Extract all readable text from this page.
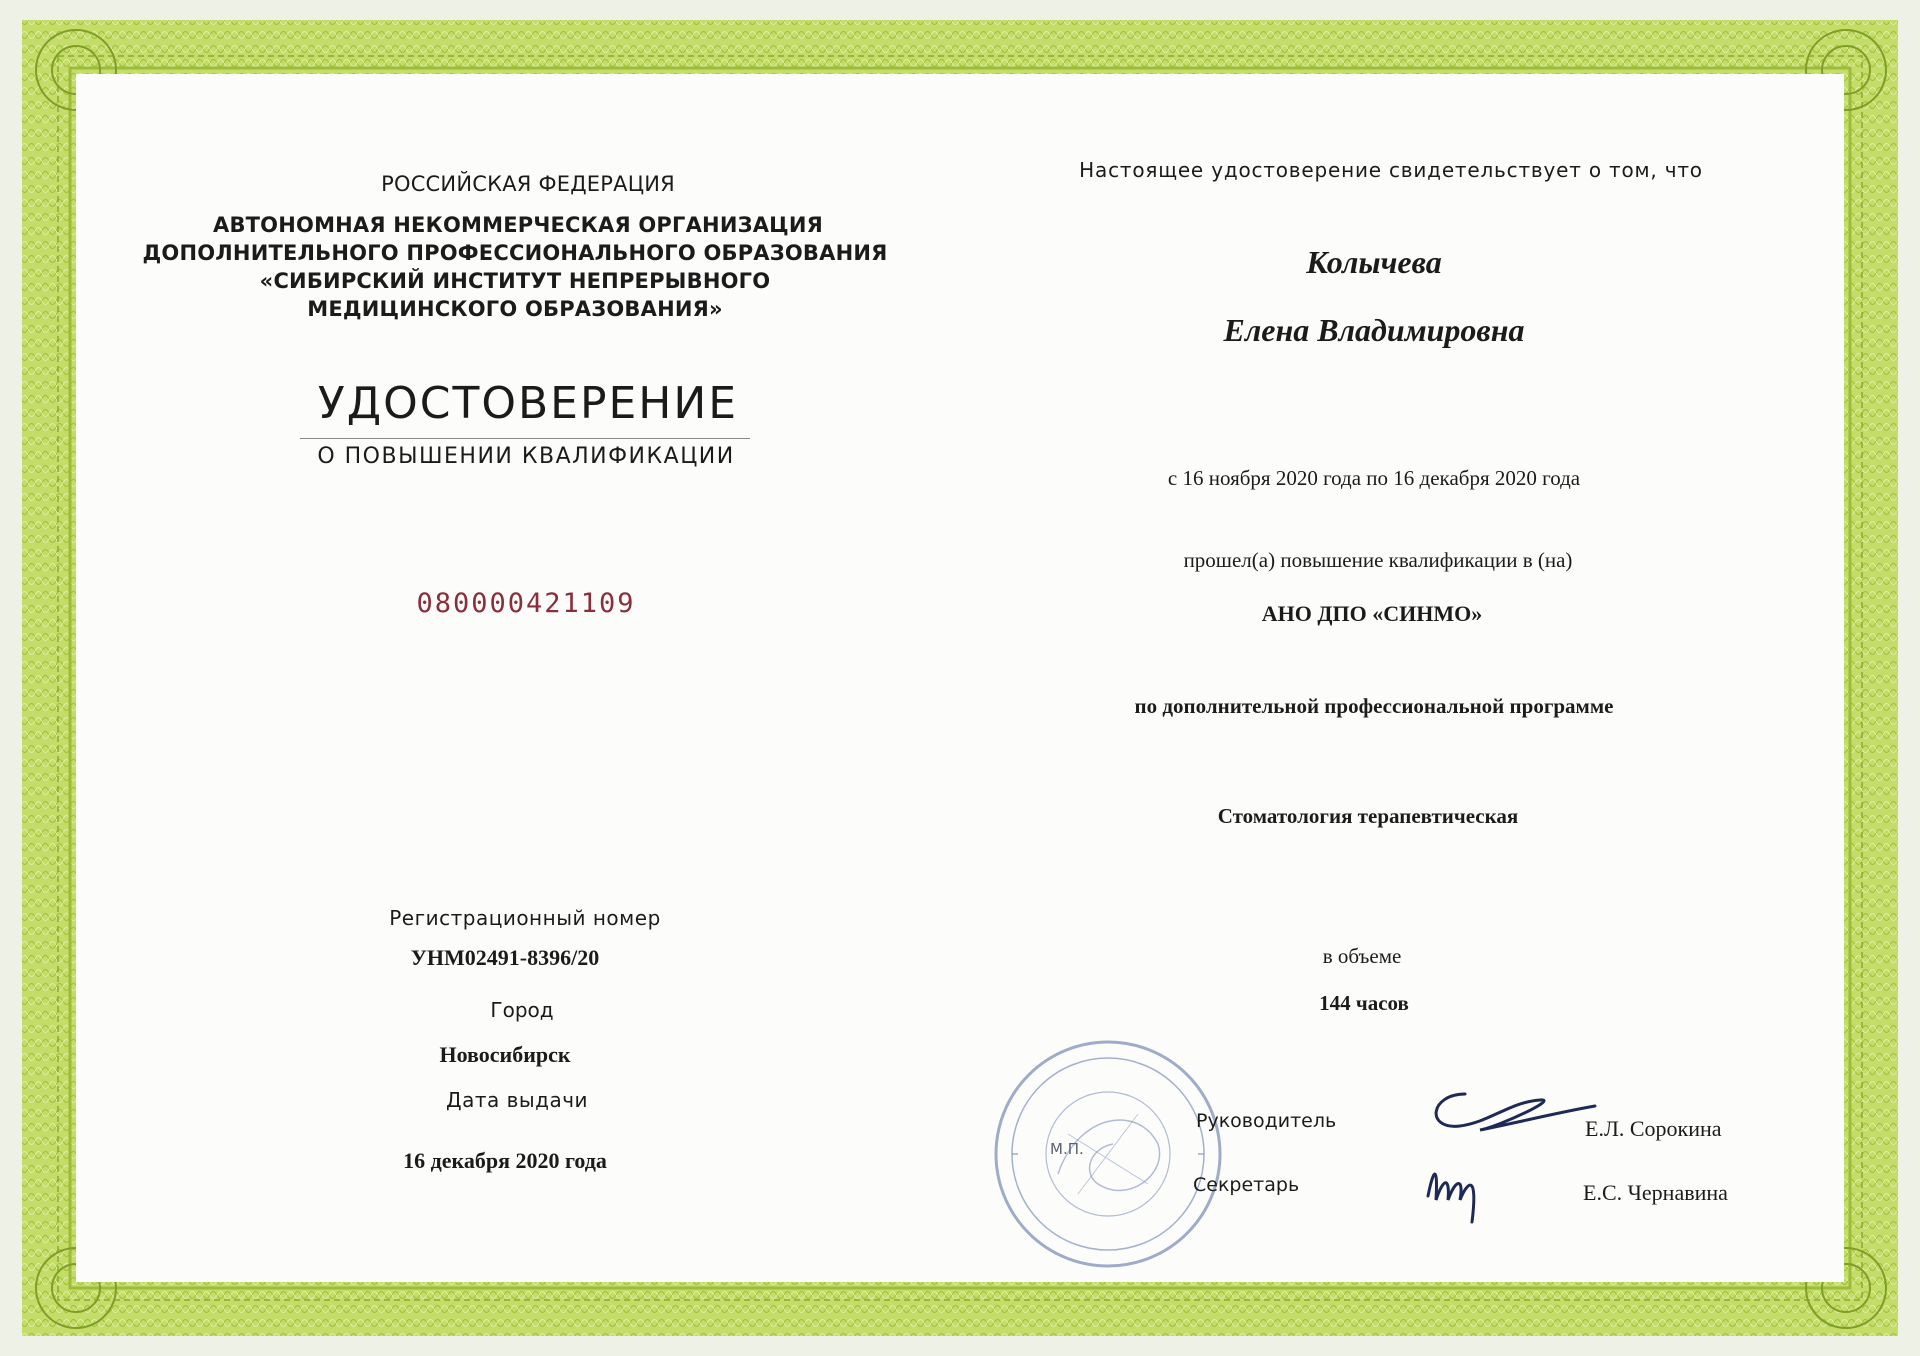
РОССИЙСКАЯ ФЕДЕРАЦИЯ
АВТОНОМНАЯ НЕКОММЕРЧЕСКАЯ ОРГАНИЗАЦИЯ
ДОПОЛНИТЕЛЬНОГО ПРОФЕССИОНАЛЬНОГО ОБРАЗОВАНИЯ
«СИБИРСКИЙ ИНСТИТУТ НЕПРЕРЫВНОГО
МЕДИЦИНСКОГО ОБРАЗОВАНИЯ»
УДОСТОВЕРЕНИЕ
О ПОВЫШЕНИИ КВАЛИФИКАЦИИ
080000421109
Регистрационный номер
УНМ02491-8396/20
Город
Новосибирск
Дата выдачи
16 декабря 2020 года
Настоящее удостоверение свидетельствует о том, что
Колычева
Елена Владимировна
с 16 ноября 2020 года по 16 декабря 2020 года
прошел(а) повышение квалификации в (на)
АНО ДПО «СИНМО»
по дополнительной профессиональной программе
Стоматология терапевтическая
в объеме
144 часов
М.П.
Руководитель
Секретарь
Е.Л. Сорокина
Е.С. Чернавина
